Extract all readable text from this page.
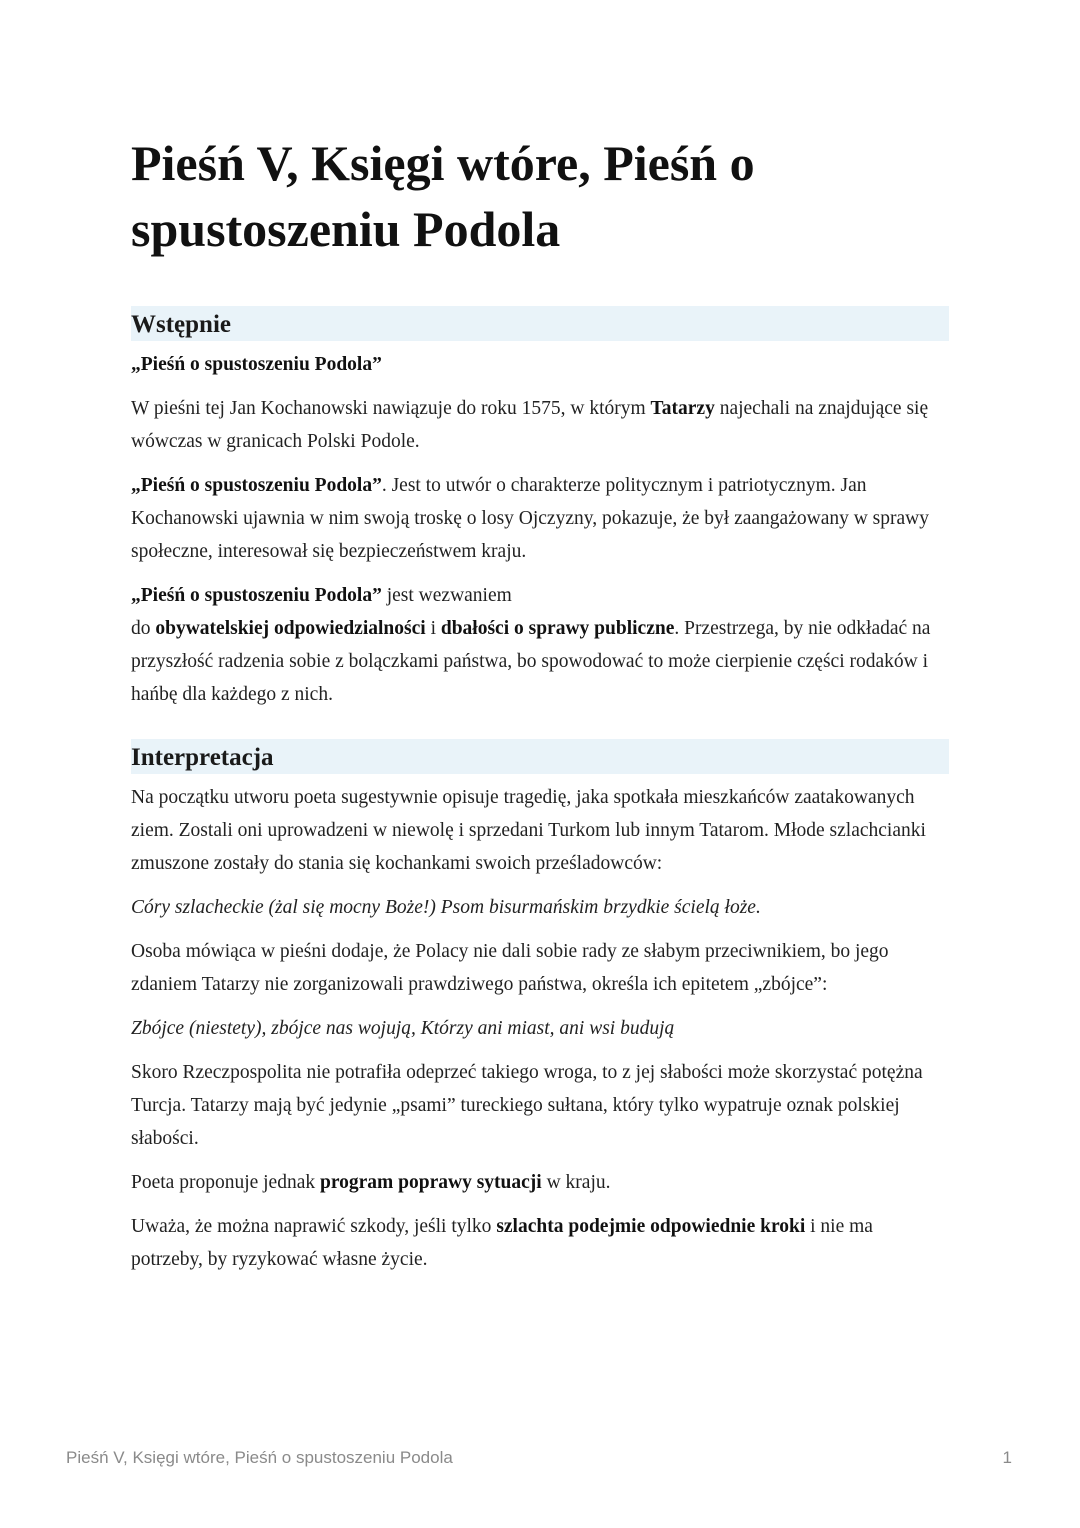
Pieśń V, Księgi wtóre, Pieśń o spustoszeniu Podola
Wstępnie

„Pieśń o spustoszeniu Podola”

W pieśni tej Jan Kochanowski nawiązuje do roku 1575, w którym Tatarzy najechali na znajdujące się wówczas w granicach Polski Podole.

„Pieśń o spustoszeniu Podola”. Jest to utwór o charakterze politycznym i patriotycznym. Jan Kochanowski ujawnia w nim swoją troskę o losy Ojczyzny, pokazuje, że był zaangażowany w sprawy społeczne, interesował się bezpieczeństwem kraju.

„Pieśń o spustoszeniu Podola” jest wezwaniem
do obywatelskiej odpowiedzialności i dbałości o sprawy publiczne. Przestrzega, by nie odkładać na przyszłość radzenia sobie z bolączkami państwa, bo spowodować to może cierpienie części rodaków i hańbę dla każdego z nich.

Interpretacja

Na początku utworu poeta sugestywnie opisuje tragedię, jaka spotkała mieszkańców zaatakowanych ziem. Zostali oni uprowadzeni w niewolę i sprzedani Turkom lub innym Tatarom. Młode szlachcianki zmuszone zostały do stania się kochankami swoich prześladowców:

Córy szlacheckie (żal się mocny Boże!) Psom bisurmańskim brzydkie ścielą łoże.

Osoba mówiąca w pieśni dodaje, że Polacy nie dali sobie rady ze słabym przeciwnikiem, bo jego zdaniem Tatarzy nie zorganizowali prawdziwego państwa, określa ich epitetem „zbójce”:

Zbójce (niestety), zbójce nas wojują, Którzy ani miast, ani wsi budują

Skoro Rzeczpospolita nie potrafiła odeprzeć takiego wroga, to z jej słabości może skorzystać potężna Turcja. Tatarzy mają być jedynie „psami” tureckiego sułtana, który tylko wypatruje oznak polskiej słabości.

Poeta proponuje jednak program poprawy sytuacji w kraju.

Uważa, że można naprawić szkody, jeśli tylko szlachta podejmie odpowiednie kroki i nie ma potrzeby, by ryzykować własne życie.

Pieśń V, Księgi wtóre, Pieśń o spustoszeniu Podola	1
